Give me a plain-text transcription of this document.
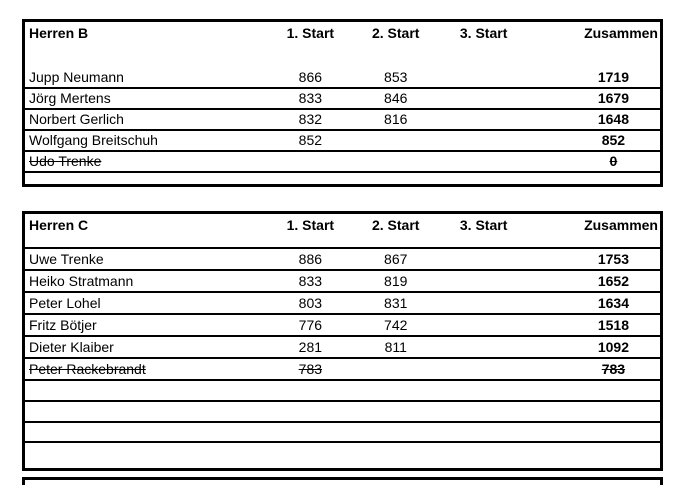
Herren B	1. Start	2. Start	3. Start	Zusammen
Jupp Neumann	866	853		1719
Jörg Mertens	833	846		1679
Norbert Gerlich	832	816		1648
Wolfgang Breitschuh	852			852
Udo Trenke				0

Herren C	1. Start	2. Start	3. Start	Zusammen
Uwe Trenke	886	867		1753
Heiko Stratmann	833	819		1652
Peter Lohel	803	831		1634
Fritz Bötjer	776	742		1518
Dieter Klaiber	281	811		1092
Peter Rackebrandt	783			783
